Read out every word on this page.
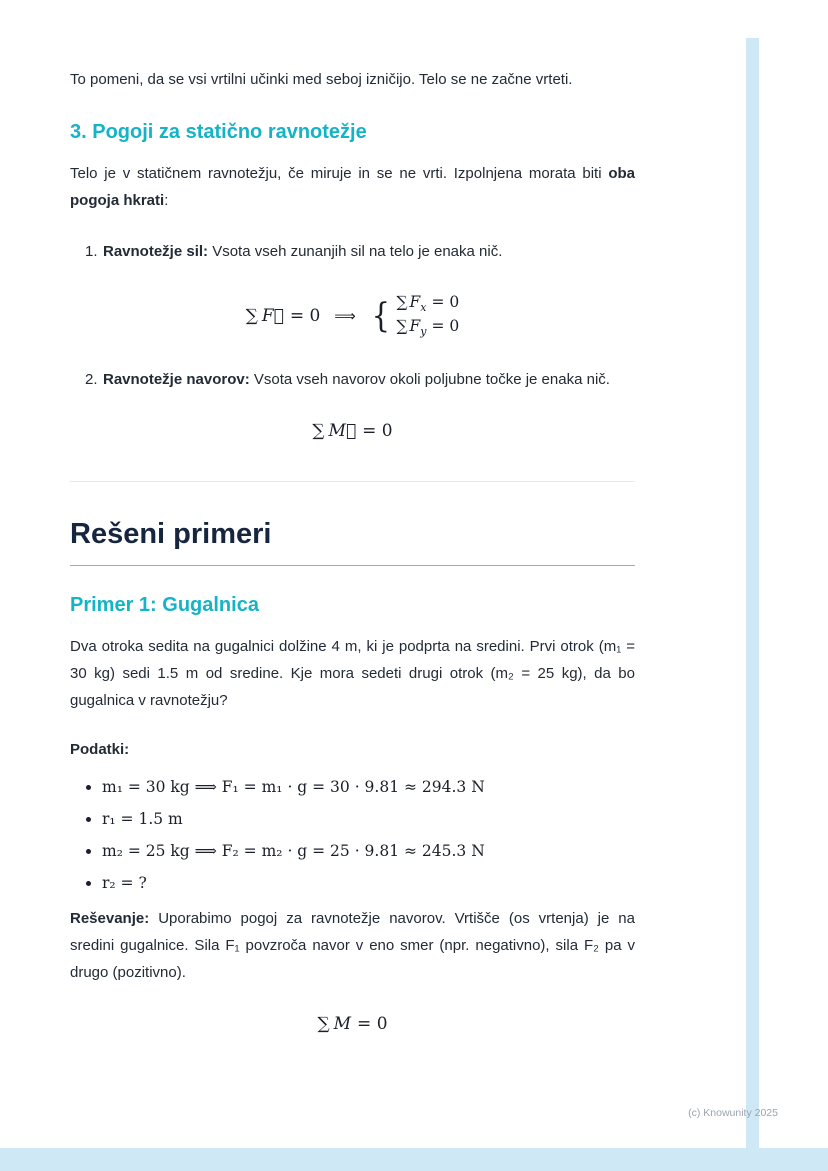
To pomeni, da se vsi vrtilni učinki med seboj izničijo. Telo se ne začne vrteti.

3. Pogoji za statično ravnotežje

Telo je v statičnem ravnotežju, če miruje in se ne vrti. Izpolnjena morata biti oba pogoja hkrati:

1. Ravnotežje sil: Vsota vseh zunanjih sil na telo je enaka nič.
∑ F⃗ = 0 ⟹ { ∑ $F_x = 0$
∑ $F_y = 0$
2. Ravnotežje navorov: Vsota vseh navorov okoli poljubne točke je enaka nič.
∑ M⃗ = 0
Rešeni primeri
Primer 1: Gugalnica

Dva otroka sedita na gugalnici dolžine 4 m, ki je podprta na sredini. Prvi otrok (m₁ = 30 kg) sedi 1.5 m od sredine. Kje mora sedeti drugi otrok (m₂ = 25 kg), da bo gugalnica v ravnotežju?

Podatki:

• m₁ = 30 kg ⟹ F₁ = m₁ · g = 30 · 9.81 ≈ 294.3 N
• r₁ = 1.5 m
• m₂ = 25 kg ⟹ F₂ = m₂ · g = 25 · 9.81 ≈ 245.3 N
• r₂ = ?

Reševanje: Uporabimo pogoj za ravnotežje navorov. Vrtišče (os vrtenja) je na sredini gugalnice. Sila F₁ povzroča navor v eno smer (npr. negativno), sila F₂ pa v drugo (pozitivno).

∑ M = 0
(c) Knowunity 2025
